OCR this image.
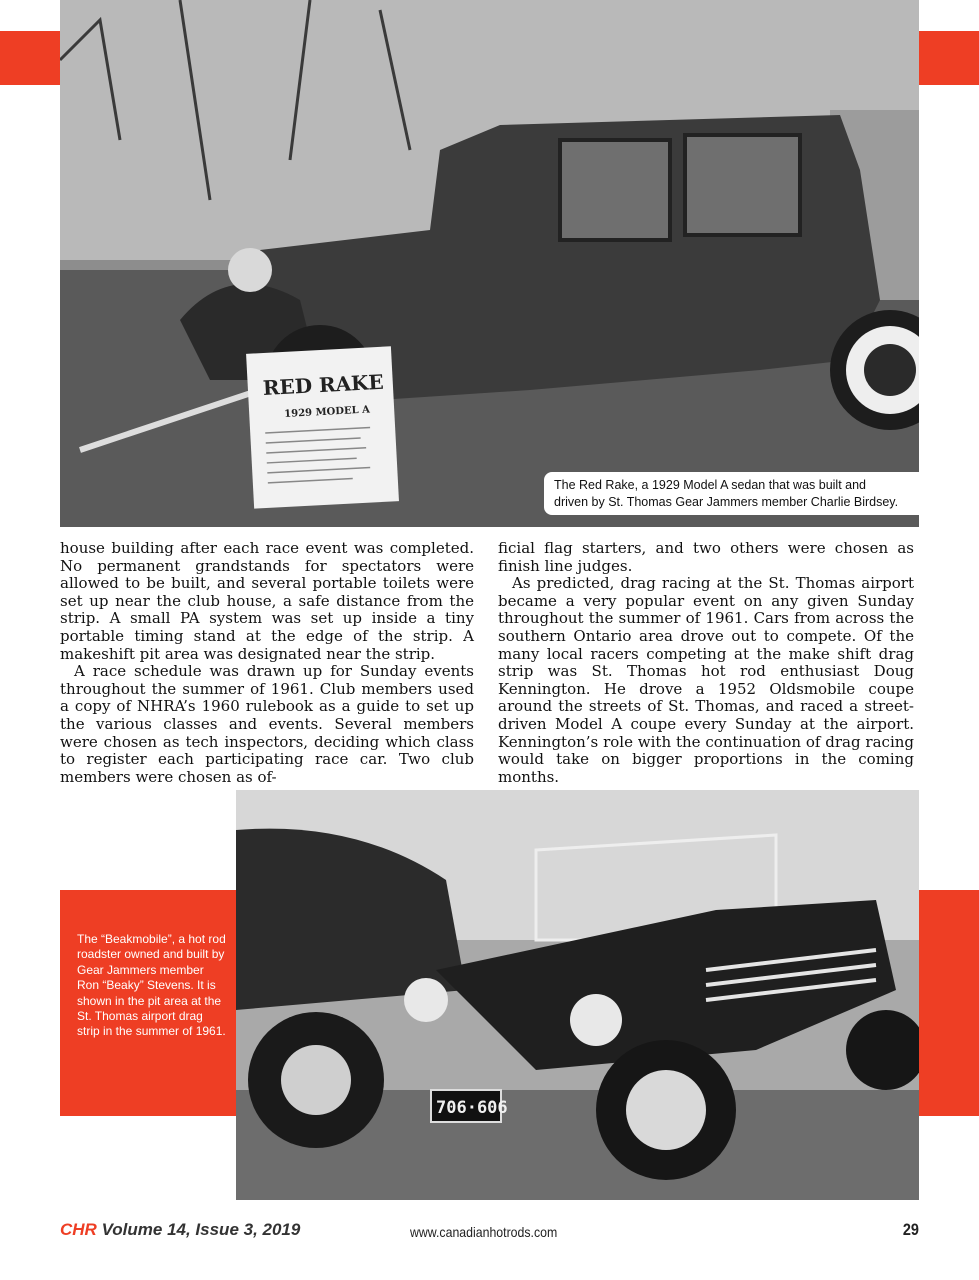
RED RAKE
1929 MODEL A
The Red Rake, a 1929 Model A sedan that was built and
driven by St. Thomas Gear Jammers member Charlie Birdsey.

house building after each race event was completed. No permanent grandstands for spectators were allowed to be built, and several portable toilets were set up near the club house, a safe distance from the strip. A small PA system was set up inside a tiny portable timing stand at the edge of the strip. A makeshift pit area was designated near the strip.

A race schedule was drawn up for Sunday events throughout the summer of 1961. Club members used a copy of NHRA’s 1960 rulebook as a guide to set up the various classes and events. Several members were chosen as tech inspectors, deciding which class to register each participating race car. Two club members were chosen as of-

ficial flag starters, and two others were chosen as finish line judges.

As predicted, drag racing at the St. Thomas airport became a very popular event on any given Sunday throughout the summer of 1961. Cars from across the southern Ontario area drove out to compete. Of the many local racers competing at the make shift drag strip was St. Thomas hot rod enthusiast Doug Kennington. He drove a 1952 Oldsmobile coupe around the streets of St. Thomas, and raced a street-driven Model A coupe every Sunday at the airport. Kennington’s role with the continuation of drag racing would take on bigger proportions in the coming months.

706·606
The “Beakmobile”, a hot rod roadster owned and built by Gear Jammers member Ron “Beaky” Stevens. It is shown in the pit area at the St. Thomas airport drag strip in the summer of 1961.
CHR Volume 14, Issue 3, 2019	www.canadianhotrods.com	29
